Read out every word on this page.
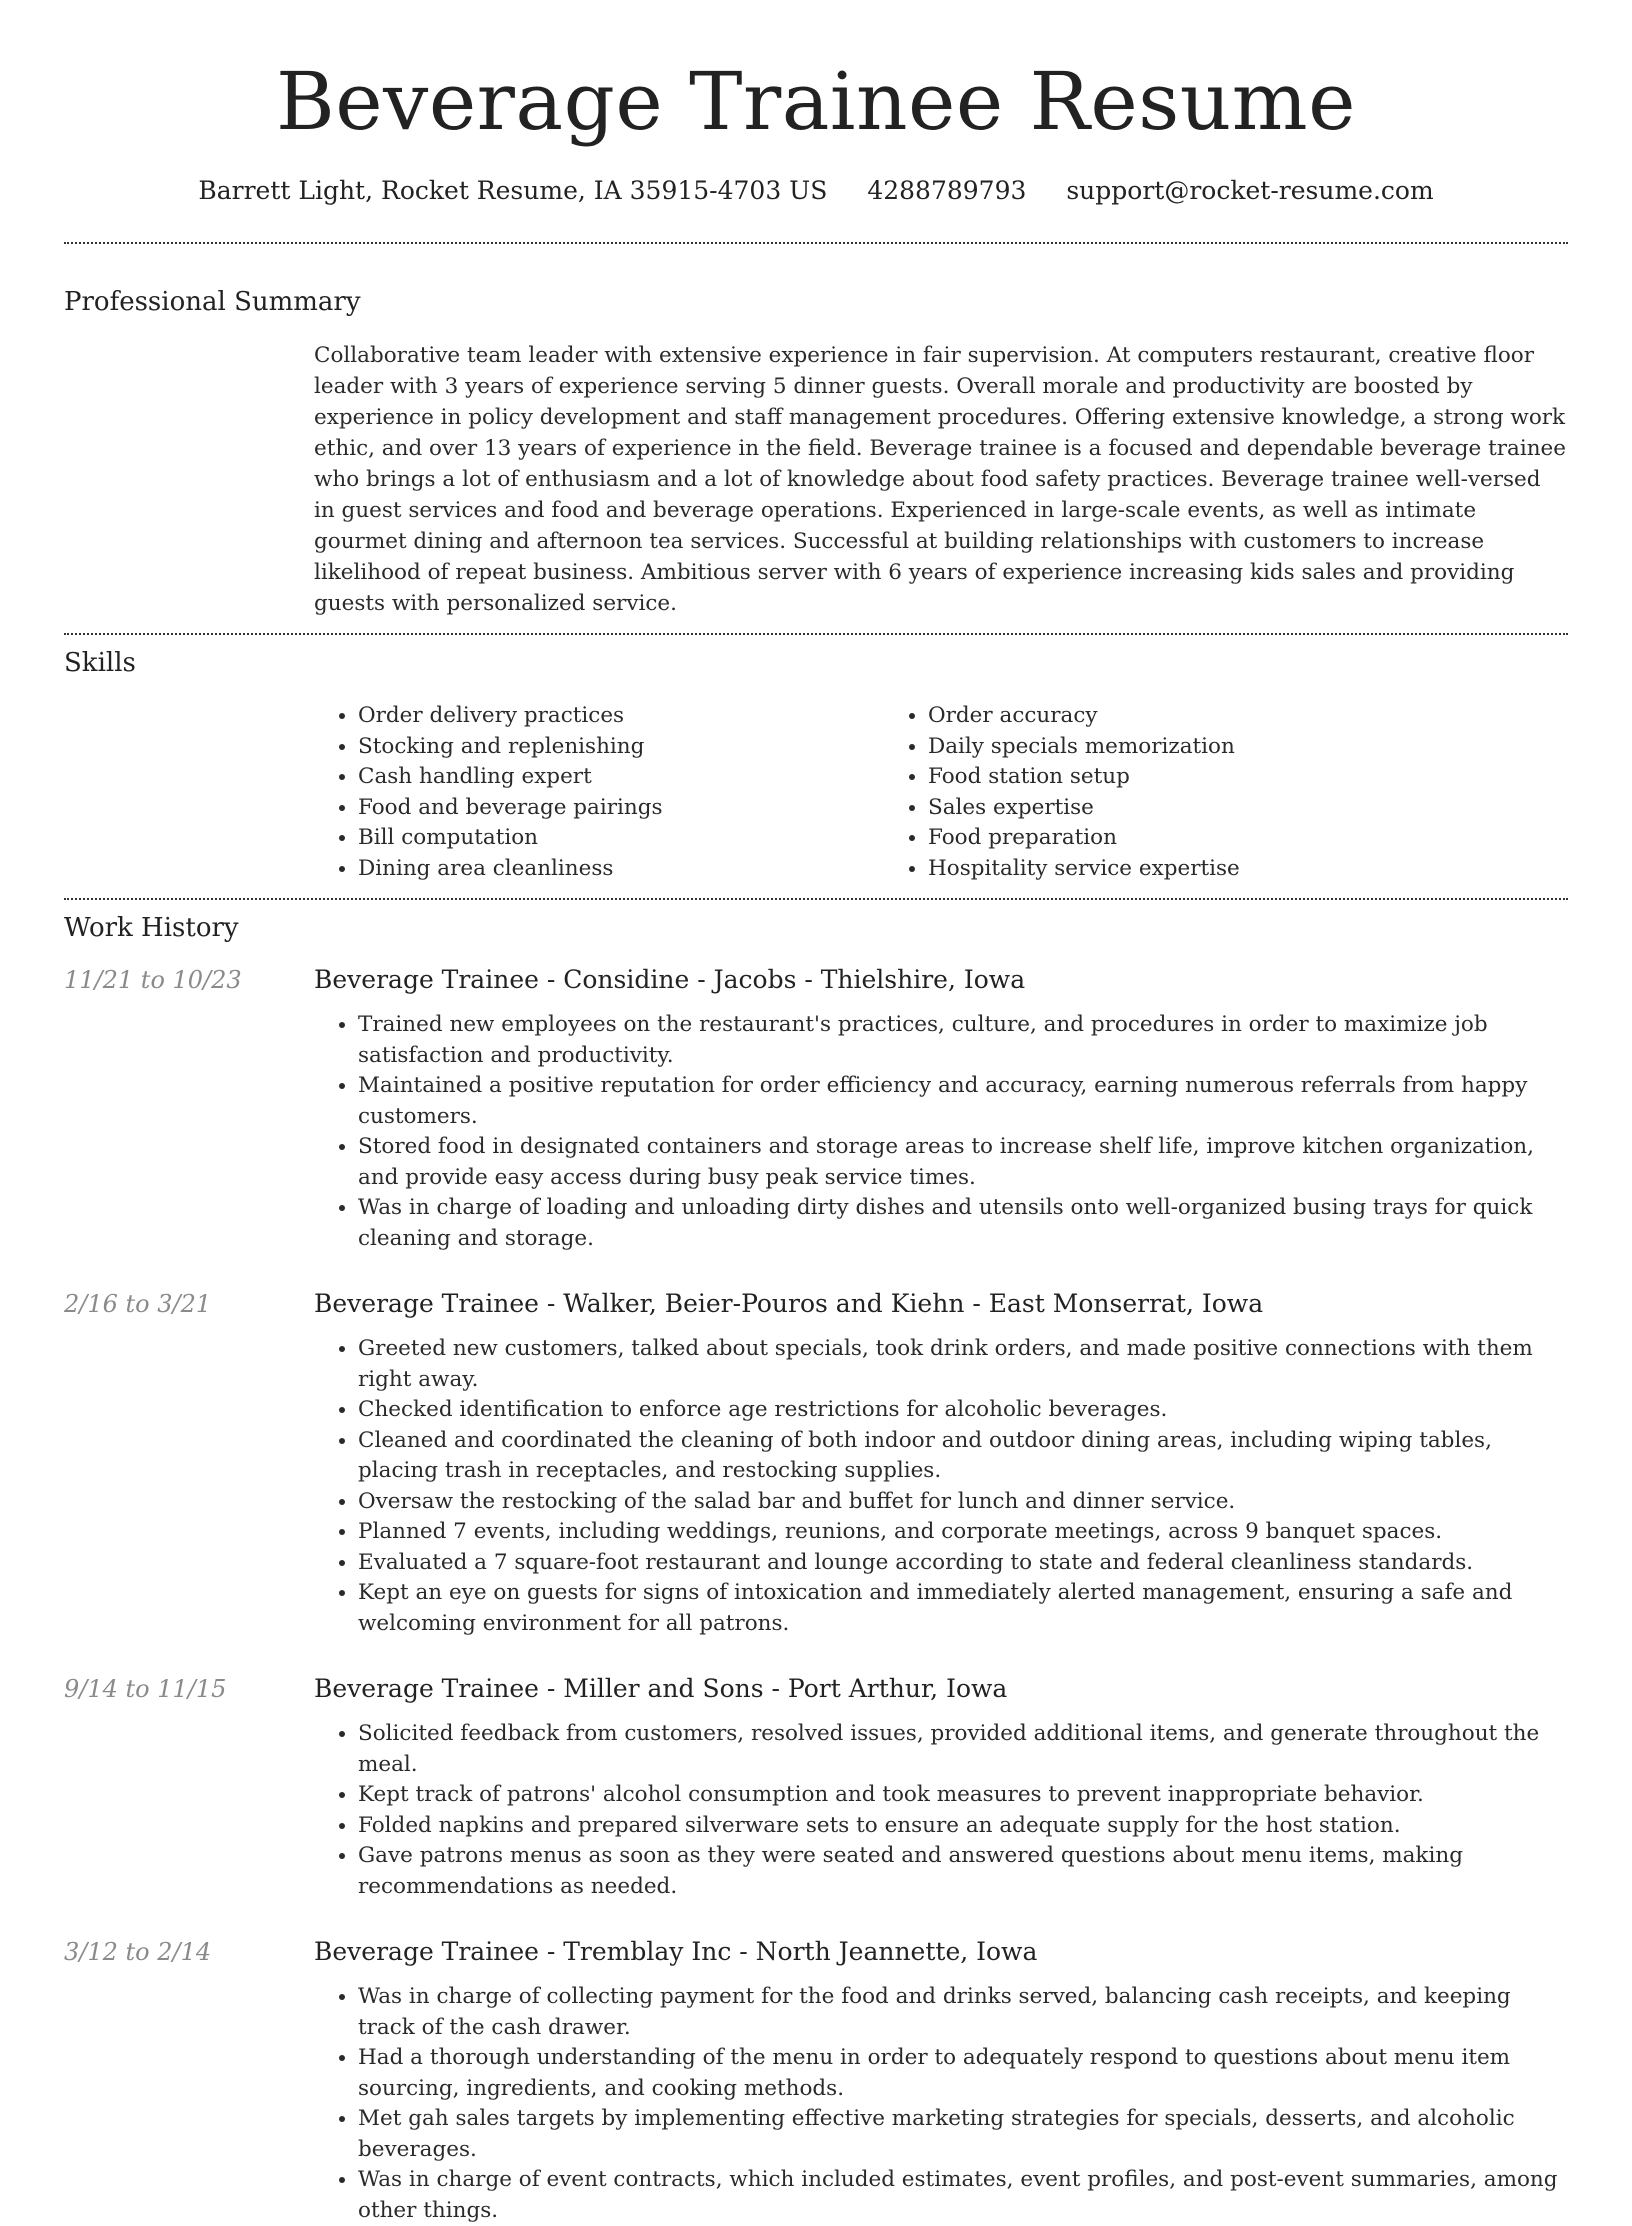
Beverage Trainee Resume
Barrett Light, Rocket Resume, IA 35915-4703 US 4288789793 support@rocket-resume.com
Professional Summary

Collaborative team leader with extensive experience in fair supervision. At computers restaurant, creative floor leader with 3 years of experience serving 5 dinner guests. Overall morale and productivity are boosted by experience in policy development and staff management procedures. Offering extensive knowledge, a strong work ethic, and over 13 years of experience in the field. Beverage trainee is a focused and dependable beverage trainee who brings a lot of enthusiasm and a lot of knowledge about food safety practices. Beverage trainee well-versed in guest services and food and beverage operations. Experienced in large-scale events, as well as intimate gourmet dining and afternoon tea services. Successful at building relationships with customers to increase likelihood of repeat business. Ambitious server with 6 years of experience increasing kids sales and providing guests with personalized service.

Skills
• Order delivery practices
• Stocking and replenishing
• Cash handling expert
• Food and beverage pairings
• Bill computation
• Dining area cleanliness
• Order accuracy
• Daily specials memorization
• Food station setup
• Sales expertise
• Food preparation
• Hospitality service expertise
Work History
11/21 to 10/23	Beverage Trainee - Considine - Jacobs - Thielshire, Iowa
• Trained new employees on the restaurant's practices, culture, and procedures in order to maximize job satisfaction and productivity.
• Maintained a positive reputation for order efficiency and accuracy, earning numerous referrals from happy customers.
• Stored food in designated containers and storage areas to increase shelf life, improve kitchen organization, and provide easy access during busy peak service times.
• Was in charge of loading and unloading dirty dishes and utensils onto well-organized busing trays for quick cleaning and storage.
2/16 to 3/21	Beverage Trainee - Walker, Beier-Pouros and Kiehn - East Monserrat, Iowa
• Greeted new customers, talked about specials, took drink orders, and made positive connections with them right away.
• Checked identification to enforce age restrictions for alcoholic beverages.
• Cleaned and coordinated the cleaning of both indoor and outdoor dining areas, including wiping tables, placing trash in receptacles, and restocking supplies.
• Oversaw the restocking of the salad bar and buffet for lunch and dinner service.
• Planned 7 events, including weddings, reunions, and corporate meetings, across 9 banquet spaces.
• Evaluated a 7 square-foot restaurant and lounge according to state and federal cleanliness standards.
• Kept an eye on guests for signs of intoxication and immediately alerted management, ensuring a safe and welcoming environment for all patrons.
9/14 to 11/15	Beverage Trainee - Miller and Sons - Port Arthur, Iowa
• Solicited feedback from customers, resolved issues, provided additional items, and generate throughout the meal.
• Kept track of patrons' alcohol consumption and took measures to prevent inappropriate behavior.
• Folded napkins and prepared silverware sets to ensure an adequate supply for the host station.
• Gave patrons menus as soon as they were seated and answered questions about menu items, making recommendations as needed.
3/12 to 2/14	Beverage Trainee - Tremblay Inc - North Jeannette, Iowa
• Was in charge of collecting payment for the food and drinks served, balancing cash receipts, and keeping track of the cash drawer.
• Had a thorough understanding of the menu in order to adequately respond to questions about menu item sourcing, ingredients, and cooking methods.
• Met gah sales targets by implementing effective marketing strategies for specials, desserts, and alcoholic beverages.
• Was in charge of event contracts, which included estimates, event profiles, and post-event summaries, among other things.
